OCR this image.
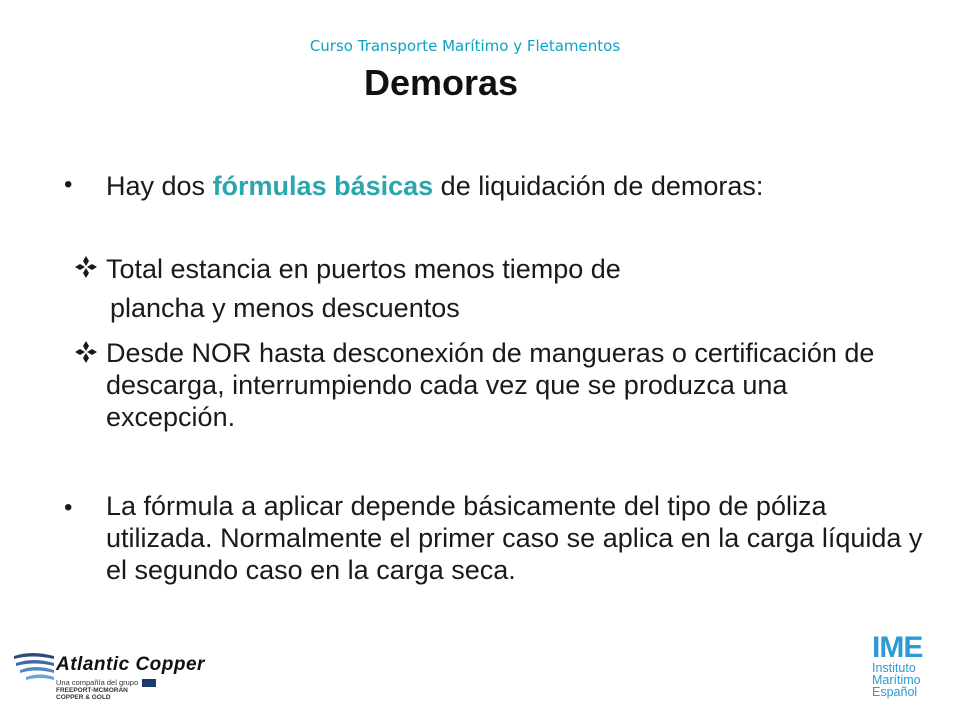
Curso Transporte Marítimo y Fletamentos
Demoras
• Hay dos fórmulas básicas de liquidación de demoras:
Total estancia en puertos menos tiempo de
plancha y menos descuentos
Desde NOR hasta desconexión de mangueras o certificación de descarga, interrumpiendo cada vez que se produzca una excepción.
• La fórmula a aplicar depende básicamente del tipo de póliza utilizada. Normalmente el primer caso se aplica en la carga líquida y el segundo caso en la carga seca.
Atlantic Copper
Una compañía del grupo  FREEPORT-MCMORAN
COPPER & GOLD
IME
Instituto
Marítimo
Español
